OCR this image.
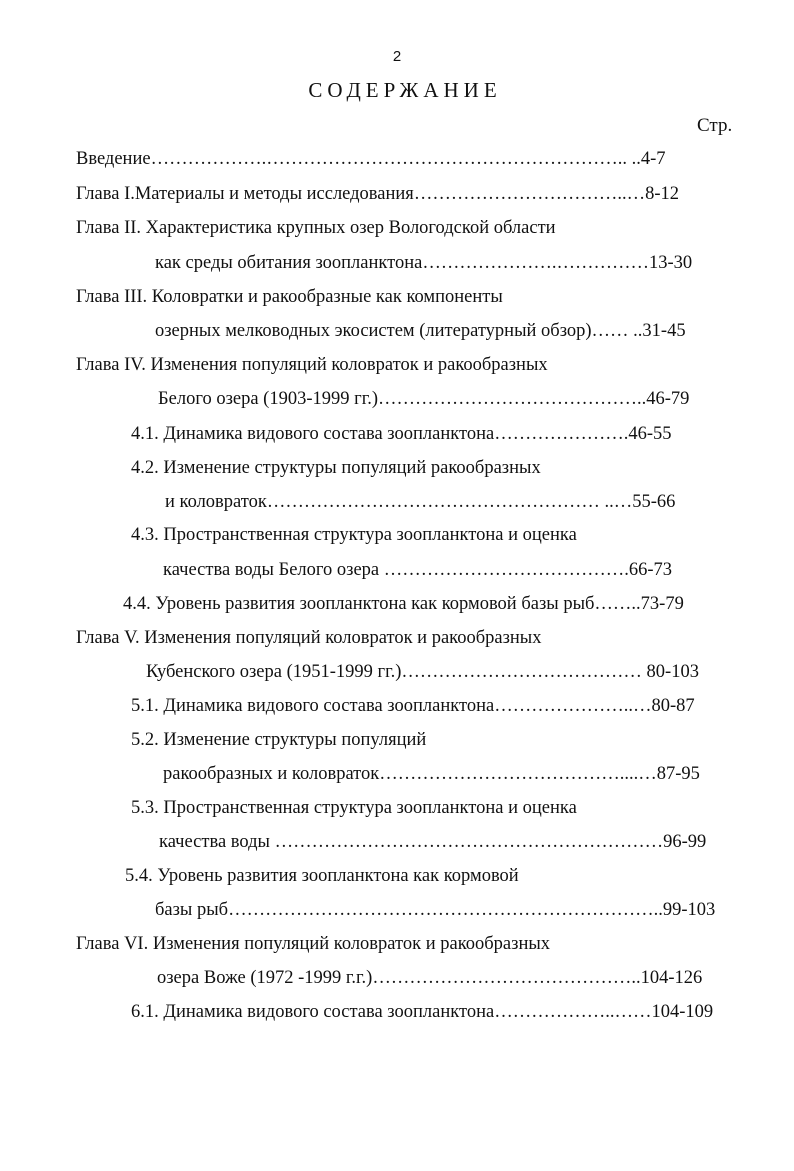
2
СОДЕРЖАНИЕ
Стр.
Введение……………….………………………………………………….. ..4-7
Глава I.Материалы и методы исследования……………………………..…8-12
Глава II. Характеристика крупных озер Вологодской области
как среды обитания зоопланктона………………….……………13-30
Глава III. Коловратки и ракообразные как компоненты
озерных мелководных экосистем (литературный обзор)…… ..31-45
Глава IV. Изменения популяций коловраток и ракообразных
Белого озера (1903-1999 гг.)……………………………………..46-79
4.1. Динамика видового состава зоопланктона………………….46-55
4.2. Изменение структуры популяций ракообразных
и коловраток……………………………………………… ..…55-66
4.3. Пространственная структура зоопланктона и оценка
качества воды Белого озера ………………………………….66-73
4.4. Уровень развития зоопланктона как кормовой базы рыб……..73-79
Глава V. Изменения популяций коловраток и ракообразных
Кубенского озера (1951-1999 гг.)………………………………… 80-103
5.1. Динамика видового состава зоопланктона…………………..…80-87
5.2. Изменение структуры популяций
ракообразных и коловраток…………………………………....…87-95
5.3. Пространственная структура зоопланктона и оценка
качества воды ………………………………………………………96-99
5.4. Уровень развития зоопланктона как кормовой
базы рыб……………………………………………………………..99-103
Глава VI. Изменения популяций коловраток и ракообразных
озера Воже (1972 -1999 г.г.)……………………………………..104-126
6.1. Динамика видового состава зоопланктона………………..……104-109
